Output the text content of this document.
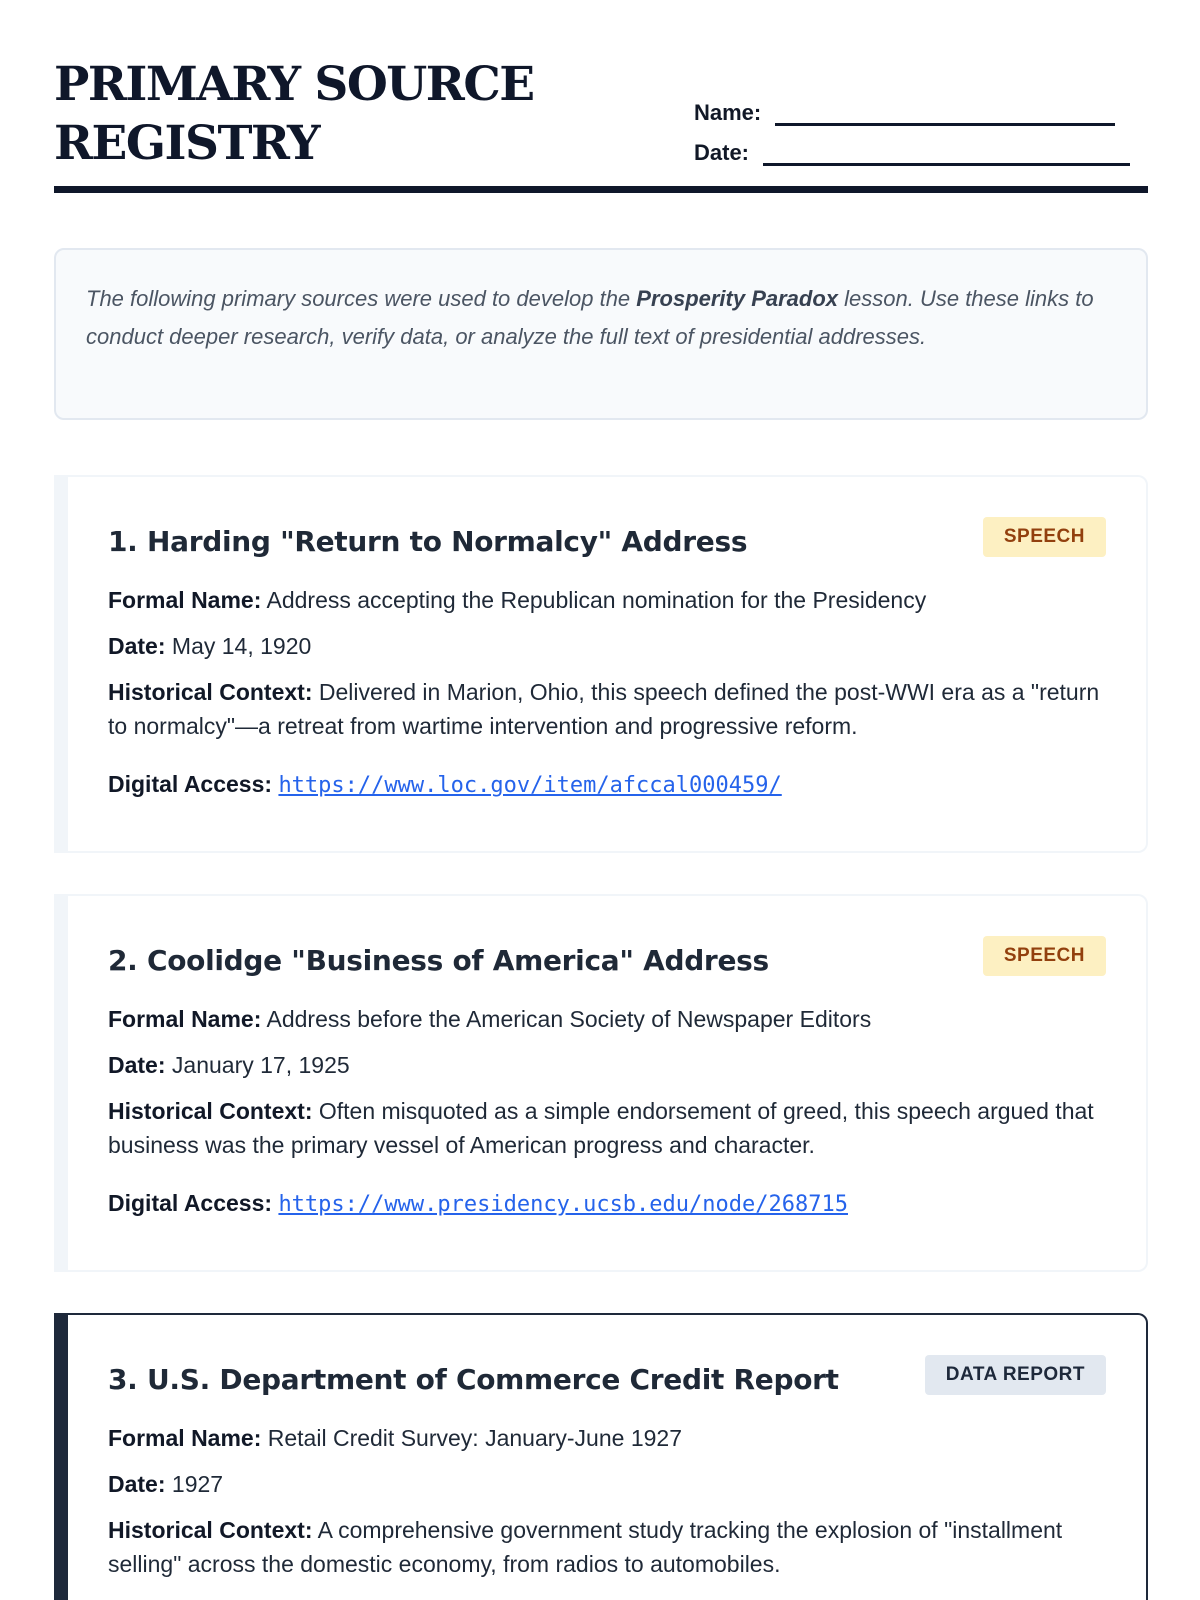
PRIMARY SOURCE
REGISTRY
Name:
Date:
The following primary sources were used to develop the Prosperity Paradox lesson. Use these links to conduct deeper research, verify data, or analyze the full text of presidential addresses.
1. Harding "Return to Normalcy" Address	SPEECH

Formal Name: Address accepting the Republican nomination for the Presidency

Date: May 14, 1920

Historical Context: Delivered in Marion, Ohio, this speech defined the post-WWI era as a "return to normalcy"—a retreat from wartime intervention and progressive reform.

Digital Access: https://www.loc.gov/item/afccal000459/

2. Coolidge "Business of America" Address	SPEECH

Formal Name: Address before the American Society of Newspaper Editors

Date: January 17, 1925

Historical Context: Often misquoted as a simple endorsement of greed, this speech argued that business was the primary vessel of American progress and character.

Digital Access: https://www.presidency.ucsb.edu/node/268715

3. U.S. Department of Commerce Credit Report	DATA REPORT

Formal Name: Retail Credit Survey: January-June 1927

Date: 1927

Historical Context: A comprehensive government study tracking the explosion of "installment selling" across the domestic economy, from radios to automobiles.
